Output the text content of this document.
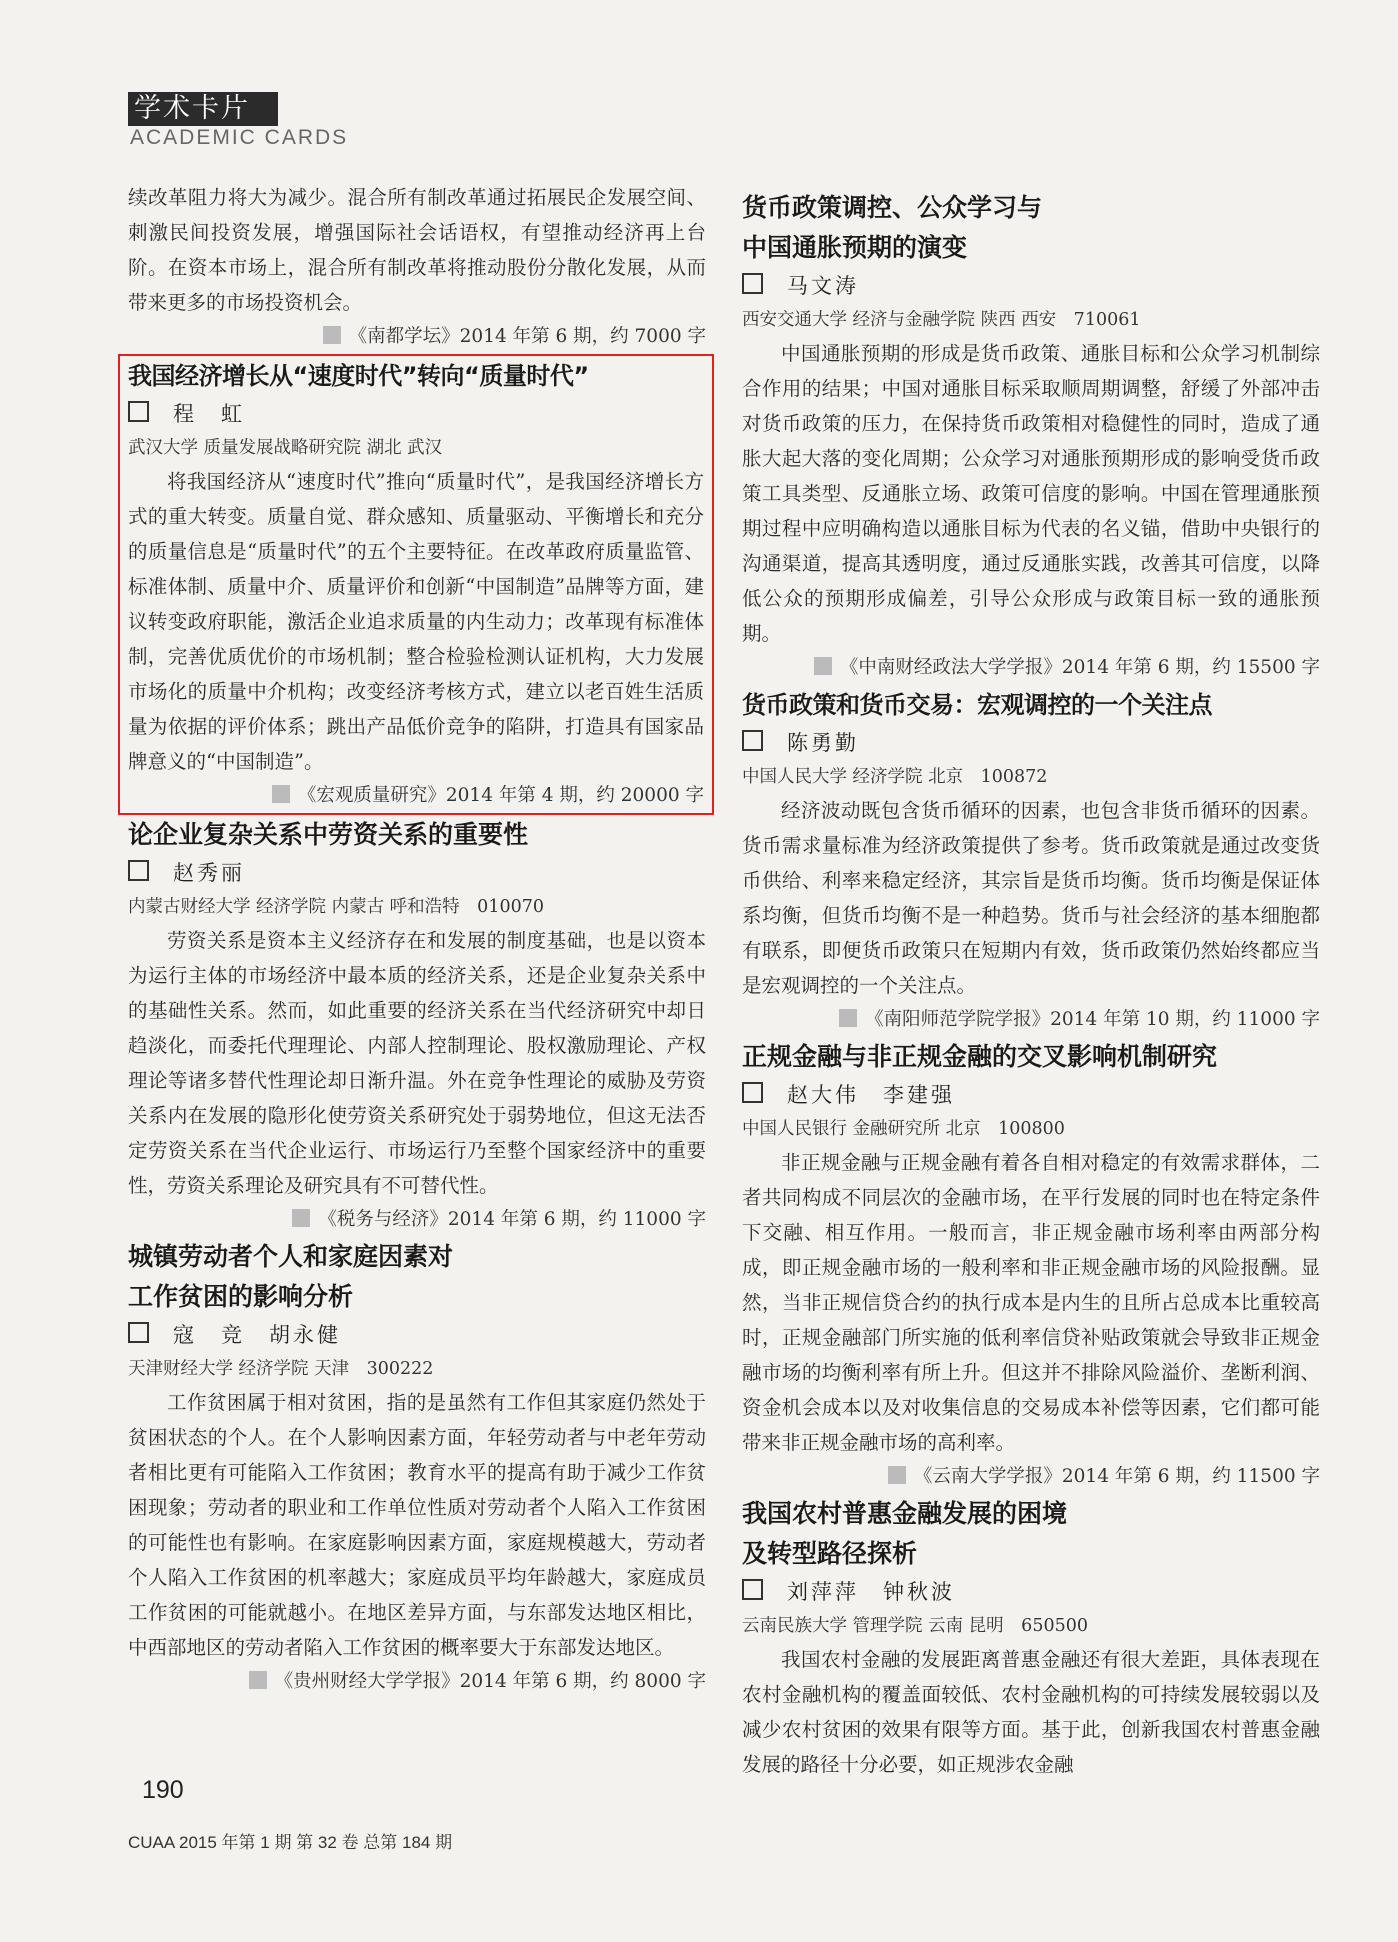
学术卡片
ACADEMIC CARDS

续改革阻力将大为减少。混合所有制改革通过拓展民企发展空间、刺激民间投资发展，增强国际社会话语权，有望推动经济再上台阶。在资本市场上，混合所有制改革将推动股份分散化发展，从而带来更多的市场投资机会。

《南都学坛》2014 年第 6 期，约 7000 字

我国经济增长从“速度时代”转向“质量时代”

程　虹

武汉大学 质量发展战略研究院 湖北 武汉

将我国经济从“速度时代”推向“质量时代”，是我国经济增长方式的重大转变。质量自觉、群众感知、质量驱动、平衡增长和充分的质量信息是“质量时代”的五个主要特征。在改革政府质量监管、标准体制、质量中介、质量评价和创新“中国制造”品牌等方面，建议转变政府职能，激活企业追求质量的内生动力；改革现有标准体制，完善优质优价的市场机制；整合检验检测认证机构，大力发展市场化的质量中介机构；改变经济考核方式，建立以老百姓生活质量为依据的评价体系；跳出产品低价竞争的陷阱，打造具有国家品牌意义的“中国制造”。

《宏观质量研究》2014 年第 4 期，约 20000 字

论企业复杂关系中劳资关系的重要性

赵秀丽

内蒙古财经大学 经济学院 内蒙古 呼和浩特　010070

劳资关系是资本主义经济存在和发展的制度基础，也是以资本为运行主体的市场经济中最本质的经济关系，还是企业复杂关系中的基础性关系。然而，如此重要的经济关系在当代经济研究中却日趋淡化，而委托代理理论、内部人控制理论、股权激励理论、产权理论等诸多替代性理论却日渐升温。外在竞争性理论的威胁及劳资关系内在发展的隐形化使劳资关系研究处于弱势地位，但这无法否定劳资关系在当代企业运行、市场运行乃至整个国家经济中的重要性，劳资关系理论及研究具有不可替代性。

《税务与经济》2014 年第 6 期，约 11000 字

城镇劳动者个人和家庭因素对

工作贫困的影响分析

寇　竞　胡永健

天津财经大学 经济学院 天津　300222

工作贫困属于相对贫困，指的是虽然有工作但其家庭仍然处于贫困状态的个人。在个人影响因素方面，年轻劳动者与中老年劳动者相比更有可能陷入工作贫困；教育水平的提高有助于减少工作贫困现象；劳动者的职业和工作单位性质对劳动者个人陷入工作贫困的可能性也有影响。在家庭影响因素方面，家庭规模越大，劳动者个人陷入工作贫困的机率越大；家庭成员平均年龄越大，家庭成员工作贫困的可能就越小。在地区差异方面，与东部发达地区相比，中西部地区的劳动者陷入工作贫困的概率要大于东部发达地区。

《贵州财经大学学报》2014 年第 6 期，约 8000 字

货币政策调控、公众学习与

中国通胀预期的演变

马文涛

西安交通大学 经济与金融学院 陕西 西安　710061

中国通胀预期的形成是货币政策、通胀目标和公众学习机制综合作用的结果；中国对通胀目标采取顺周期调整，舒缓了外部冲击对货币政策的压力，在保持货币政策相对稳健性的同时，造成了通胀大起大落的变化周期；公众学习对通胀预期形成的影响受货币政策工具类型、反通胀立场、政策可信度的影响。中国在管理通胀预期过程中应明确构造以通胀目标为代表的名义锚，借助中央银行的沟通渠道，提高其透明度，通过反通胀实践，改善其可信度，以降低公众的预期形成偏差，引导公众形成与政策目标一致的通胀预期。

《中南财经政法大学学报》2014 年第 6 期，约 15500 字

货币政策和货币交易：宏观调控的一个关注点

陈勇勤

中国人民大学 经济学院 北京　100872

经济波动既包含货币循环的因素，也包含非货币循环的因素。货币需求量标准为经济政策提供了参考。货币政策就是通过改变货币供给、利率来稳定经济，其宗旨是货币均衡。货币均衡是保证体系均衡，但货币均衡不是一种趋势。货币与社会经济的基本细胞都有联系，即便货币政策只在短期内有效，货币政策仍然始终都应当是宏观调控的一个关注点。

《南阳师范学院学报》2014 年第 10 期，约 11000 字

正规金融与非正规金融的交叉影响机制研究

赵大伟　李建强

中国人民银行 金融研究所 北京　100800

非正规金融与正规金融有着各自相对稳定的有效需求群体，二者共同构成不同层次的金融市场，在平行发展的同时也在特定条件下交融、相互作用。一般而言，非正规金融市场利率由两部分构成，即正规金融市场的一般利率和非正规金融市场的风险报酬。显然，当非正规信贷合约的执行成本是内生的且所占总成本比重较高时，正规金融部门所实施的低利率信贷补贴政策就会导致非正规金融市场的均衡利率有所上升。但这并不排除风险溢价、垄断利润、资金机会成本以及对收集信息的交易成本补偿等因素，它们都可能带来非正规金融市场的高利率。

《云南大学学报》2014 年第 6 期，约 11500 字

我国农村普惠金融发展的困境

及转型路径探析

刘萍萍　钟秋波

云南民族大学 管理学院 云南 昆明　650500

我国农村金融的发展距离普惠金融还有很大差距，具体表现在农村金融机构的覆盖面较低、农村金融机构的可持续发展较弱以及减少农村贫困的效果有限等方面。基于此，创新我国农村普惠金融发展的路径十分必要，如正规涉农金融

190
CUAA 2015 年第 1 期 第 32 卷 总第 184 期
